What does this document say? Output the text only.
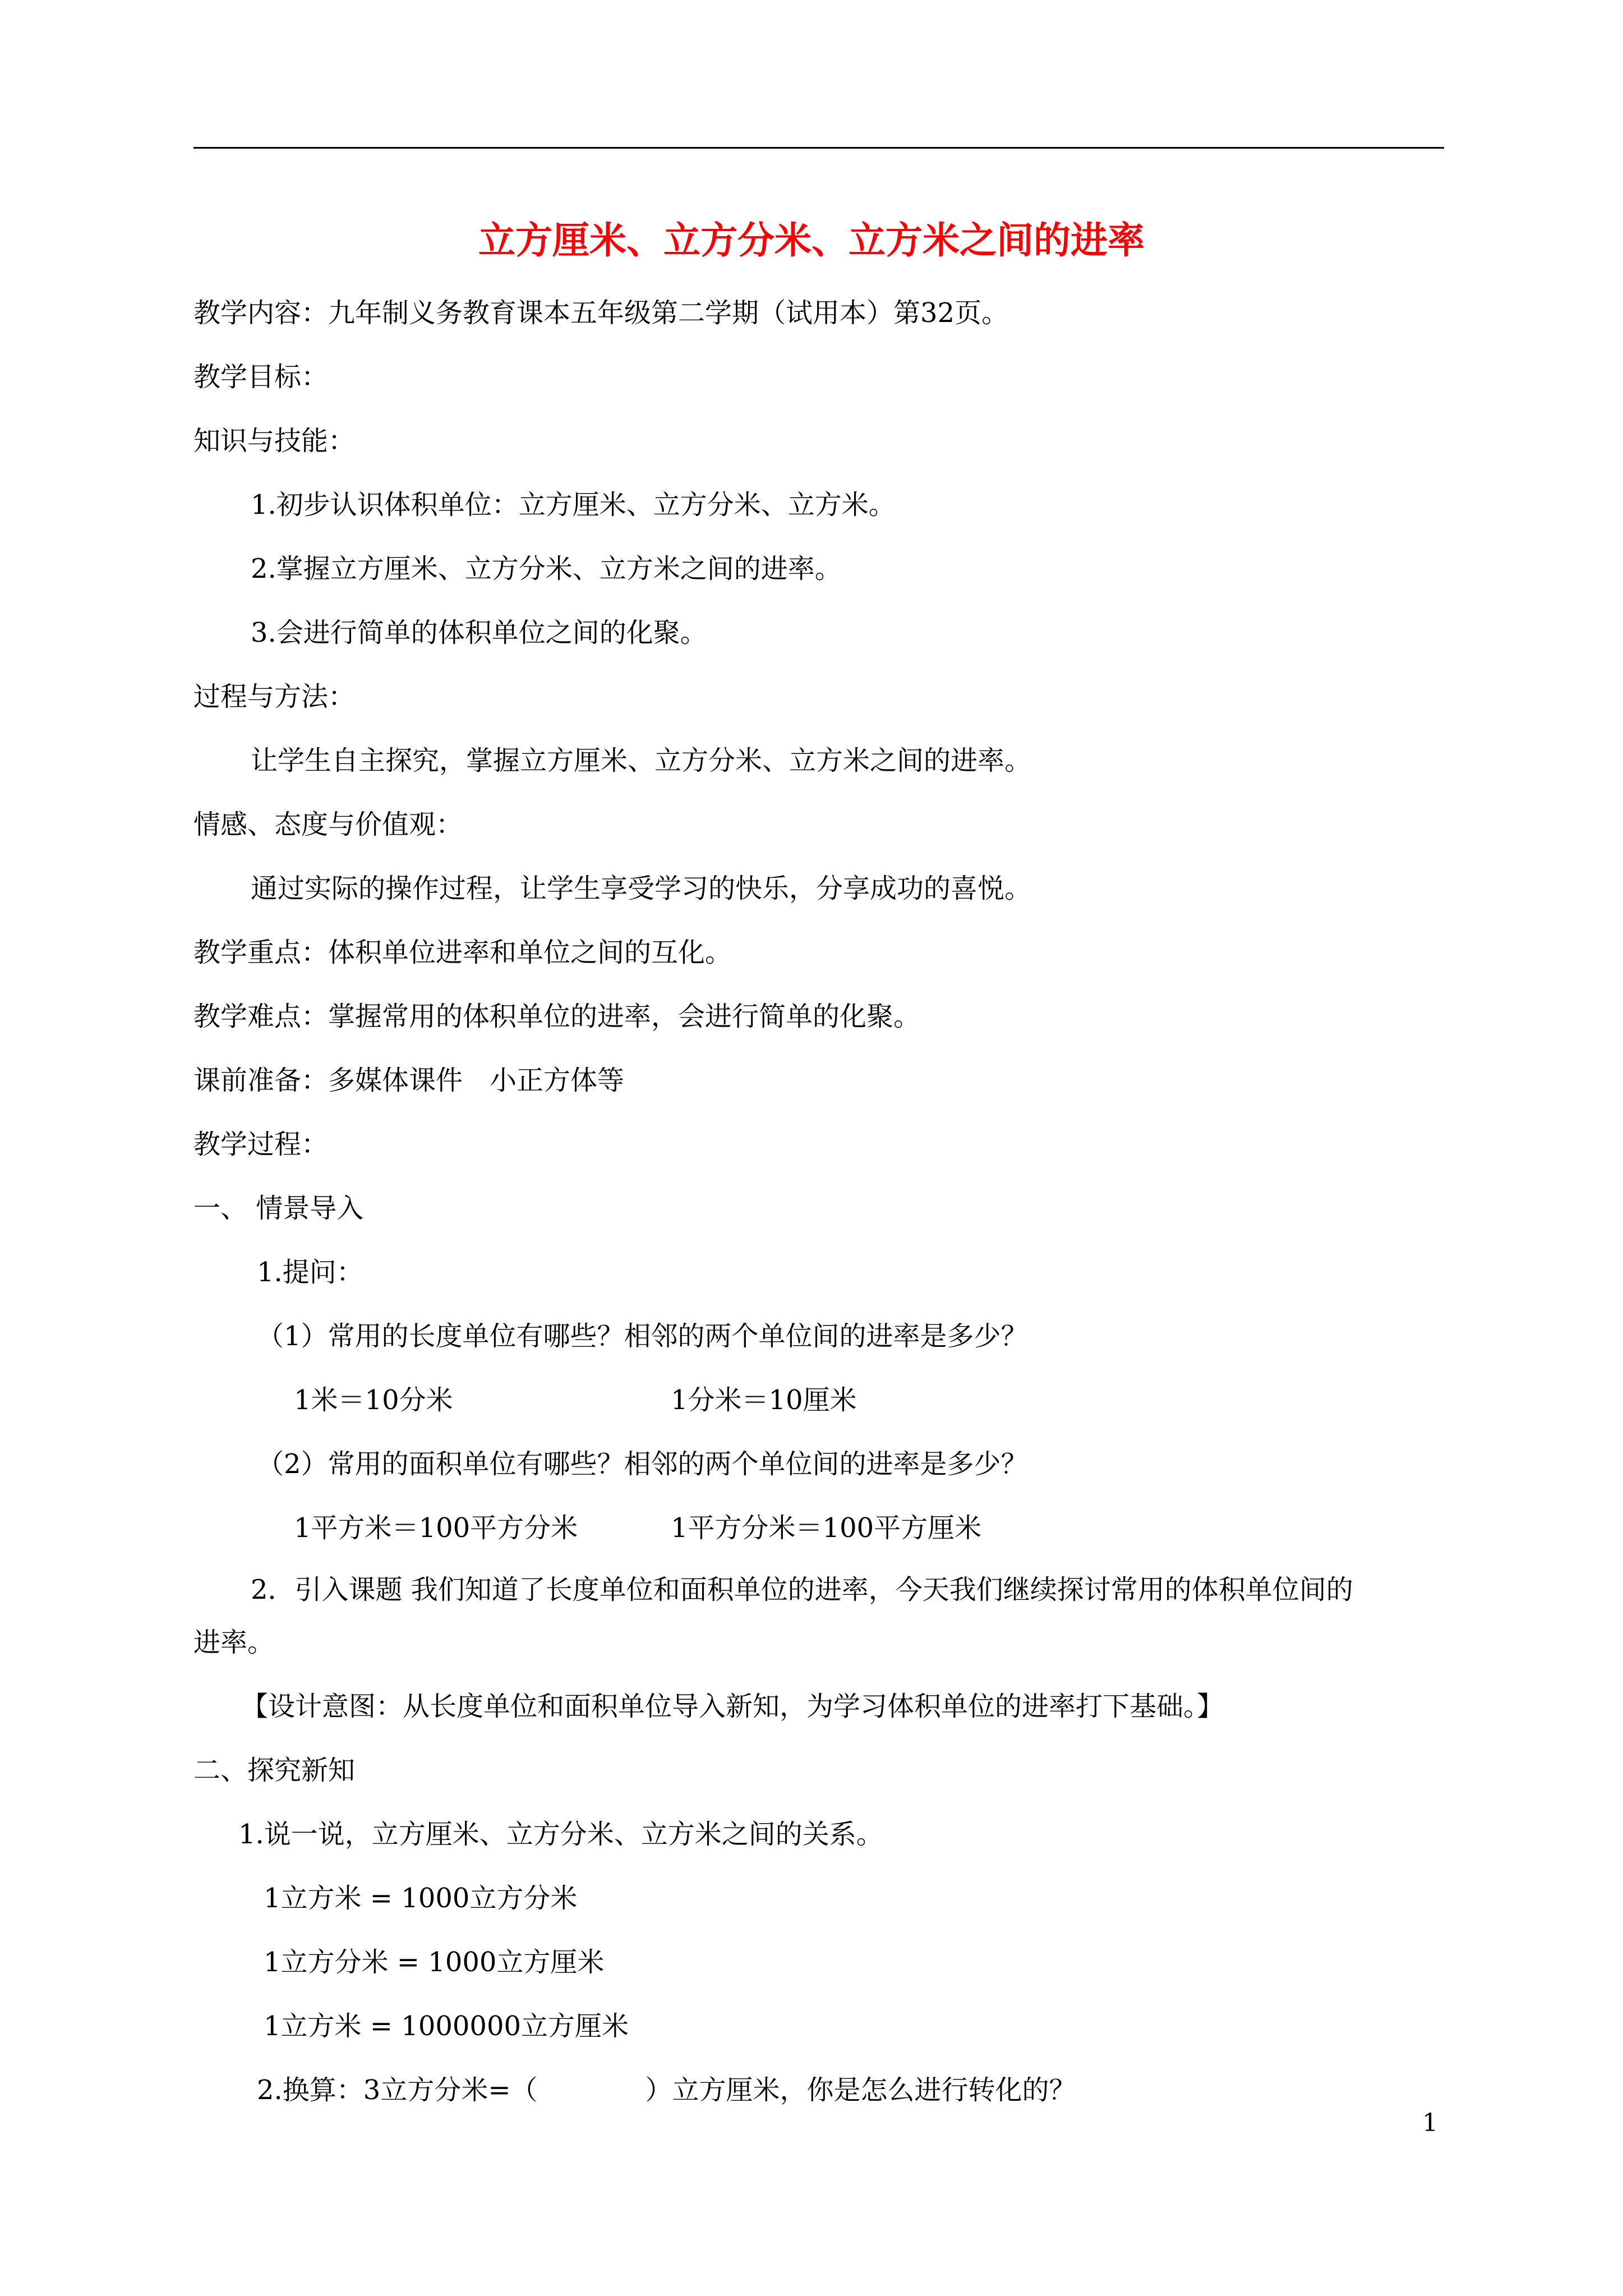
立方厘米、立方分米、立方米之间的进率
教学内容：九年制义务教育课本五年级第二学期（试用本）第32页。
教学目标：
知识与技能：
1.初步认识体积单位：立方厘米、立方分米、立方米。
2.掌握立方厘米、立方分米、立方米之间的进率。
3.会进行简单的体积单位之间的化聚。
过程与方法：
让学生自主探究，掌握立方厘米、立方分米、立方米之间的进率。
情感、态度与价值观：
通过实际的操作过程，让学生享受学习的快乐，分享成功的喜悦。
教学重点：体积单位进率和单位之间的互化。
教学难点：掌握常用的体积单位的进率，会进行简单的化聚。
课前准备：多媒体课件　小正方体等
教学过程：
一、 情景导入
1.提问：
（1）常用的长度单位有哪些？相邻的两个单位间的进率是多少？
1米＝10分米	1分米＝10厘米
（2）常用的面积单位有哪些？相邻的两个单位间的进率是多少？
1平方米＝100平方分米	1平方分米＝100平方厘米
2．引入课题 我们知道了长度单位和面积单位的进率，今天我们继续探讨常用的体积单位间的
进率。
【设计意图：从长度单位和面积单位导入新知，为学习体积单位的进率打下基础。】
二、探究新知
1.说一说，立方厘米、立方分米、立方米之间的关系。
1立方米 = 1000立方分米
1立方分米 = 1000立方厘米
1立方米 = 1000000立方厘米
2.换算：3立方分米=（　　　　）立方厘米，你是怎么进行转化的？
1
